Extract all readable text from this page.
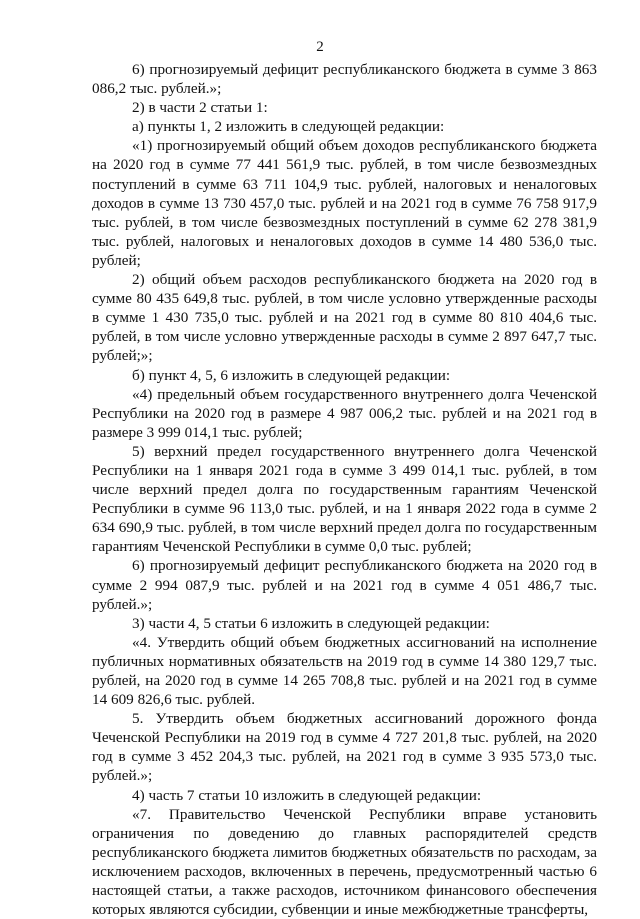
2

6) прогнозируемый дефицит республиканского бюджета в сумме 3 863 086,2 тыс. рублей.»;

2) в части 2 статьи 1:

а) пункты 1, 2 изложить в следующей редакции:

«1) прогнозируемый общий объем доходов республиканского бюджета на 2020 год в сумме 77 441 561,9 тыс. рублей, в том числе безвозмездных поступлений в сумме 63 711 104,9 тыс. рублей, налоговых и неналоговых доходов в сумме 13 730 457,0 тыс. рублей и на 2021 год в сумме 76 758 917,9 тыс. рублей, в том числе безвозмездных поступлений в сумме 62 278 381,9 тыс. рублей, налоговых и неналоговых доходов в сумме 14 480 536,0 тыс. рублей;

2) общий объем расходов республиканского бюджета на 2020 год в сумме 80 435 649,8 тыс. рублей, в том числе условно утвержденные расходы в сумме 1 430 735,0 тыс. рублей и на 2021 год в сумме 80 810 404,6 тыс. рублей, в том числе условно утвержденные расходы в сумме 2 897 647,7 тыс. рублей;»;

б) пункт 4, 5, 6 изложить в следующей редакции:

«4) предельный объем государственного внутреннего долга Чеченской Республики на 2020 год в размере 4 987 006,2 тыс. рублей и на 2021 год в размере 3 999 014,1 тыс. рублей;

5) верхний предел государственного внутреннего долга Чеченской Республики на 1 января 2021 года в сумме 3 499 014,1 тыс. рублей, в том числе верхний предел долга по государственным гарантиям Чеченской Республики в сумме 96 113,0 тыс. рублей, и на 1 января 2022 года в сумме 2 634 690,9 тыс. рублей, в том числе верхний предел долга по государственным гарантиям Чеченской Республики в сумме 0,0 тыс. рублей;

6) прогнозируемый дефицит республиканского бюджета на 2020 год в сумме 2 994 087,9 тыс. рублей и на 2021 год в сумме 4 051 486,7 тыс. рублей.»;

3) части 4, 5 статьи 6 изложить в следующей редакции:

«4. Утвердить общий объем бюджетных ассигнований на исполнение публичных нормативных обязательств на 2019 год в сумме 14 380 129,7 тыс. рублей, на 2020 год в сумме 14 265 708,8 тыс. рублей и на 2021 год в сумме 14 609 826,6 тыс. рублей.

5. Утвердить объем бюджетных ассигнований дорожного фонда Чеченской Республики на 2019 год в сумме 4 727 201,8 тыс. рублей, на 2020 год в сумме 3 452 204,3 тыс. рублей, на 2021 год в сумме 3 935 573,0 тыс. рублей.»;

4) часть 7 статьи 10 изложить в следующей редакции:

«7. Правительство Чеченской Республики вправе установить ограничения по доведению до главных распорядителей средств республиканского бюджета лимитов бюджетных обязательств по расходам, за исключением расходов, включенных в перечень, предусмотренный частью 6 настоящей статьи, а также расходов, источником финансового обеспечения которых являются субсидии, субвенции и иные межбюджетные трансферты,
